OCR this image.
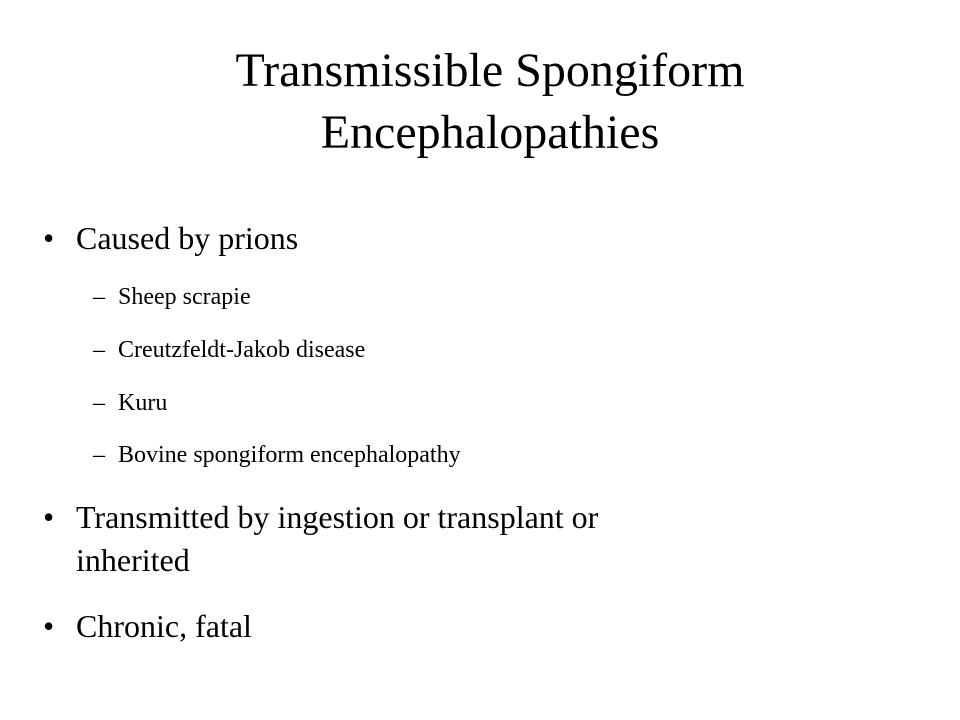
Transmissible Spongiform
Encephalopathies
• Caused by prions
– Sheep scrapie
– Creutzfeldt-Jakob disease
– Kuru
– Bovine spongiform encephalopathy
• Transmitted by ingestion or transplant or
inherited
• Chronic, fatal
